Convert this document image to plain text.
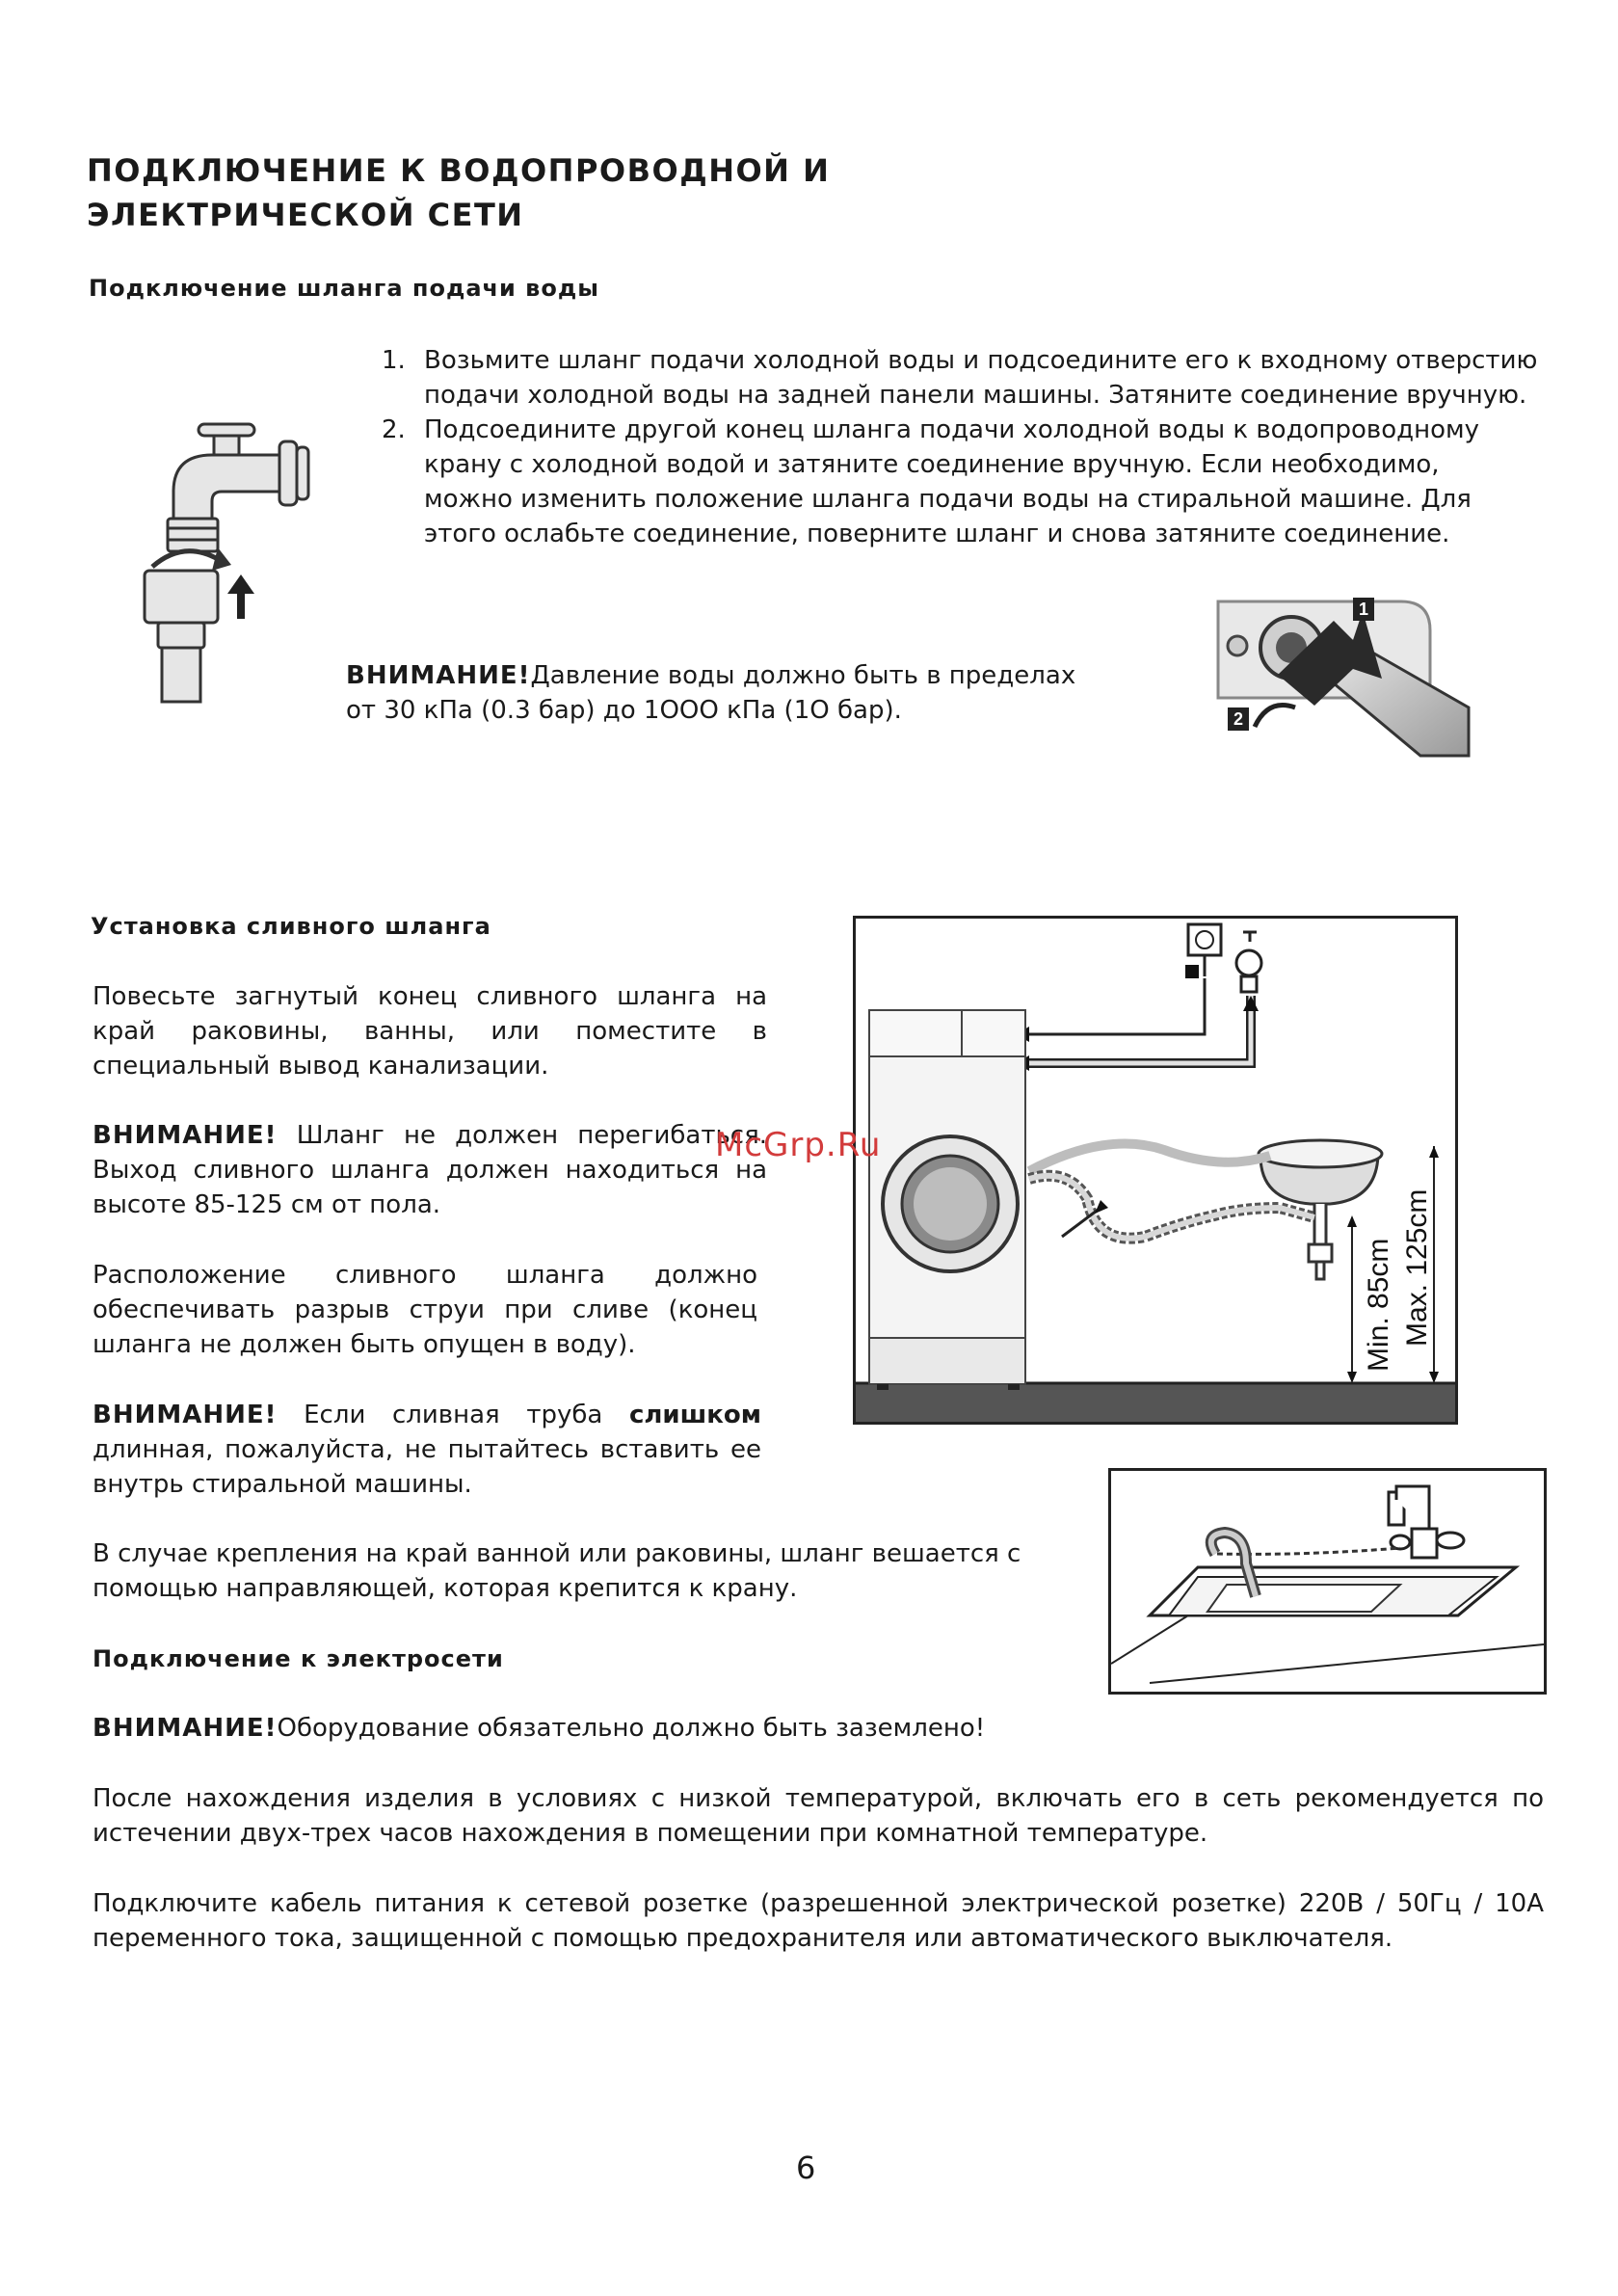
ПОДКЛЮЧЕНИЕ К ВОДОПРОВОДНОЙ И
ЭЛЕКТРИЧЕСКОЙ СЕТИ
Подключение шланга подачи воды
1. Возьмите шланг подачи холодной воды и подсоедините его к входному отверстию подачи холодной воды на задней панели машины. Затяните соединение вручную.
2. Подсоедините другой конец шланга подачи холодной воды к водопроводному крану с холодной водой и затяните соединение вручную. Если необходимо, можно изменить положение шланга подачи воды на стиральной машине. Для этого ослабьте соединение, поверните шланг и снова затяните соединение.
ВНИМАНИЕ!Давление воды должно быть в пределах
от 30 кПа (0.3 бар) до 1ООО кПа (1О бар).
1
2
Установка сливного шланга
Повесьте загнутый конец сливного шланга на край раковины, ванны, или поместите в специальный вывод канализации.
ВНИМАНИЕ! Шланг не должен перегибаться. Выход сливного шланга должен находиться на высоте 85-125 см от пола.
Расположение сливного шланга должно обеспечивать разрыв струи при сливе (конец шланга не должен быть опущен в воду).
ВНИМАНИЕ! Если сливная труба слишком длинная, пожалуйста, не пытайтесь вставить ее внутрь стиральной машины.
В случае крепления на край ванной или раковины, шланг вешается с помощью направляющей, которая крепится к крану.
Min. 85cm Max. 125cm
McGrp.Ru
Подключение к электросети
ВНИМАНИЕ!Оборудование обязательно должно быть заземлено!
После нахождения изделия в условиях с низкой температурой, включать его в сеть рекомендуется по истечении двух-трех часов нахождения в помещении при комнатной температуре.
Подключите кабель питания к сетевой розетке (разрешенной электрической розетке) 220В / 50Гц / 10А переменного тока, защищенной с помощью предохранителя или автоматического выключателя.
6
